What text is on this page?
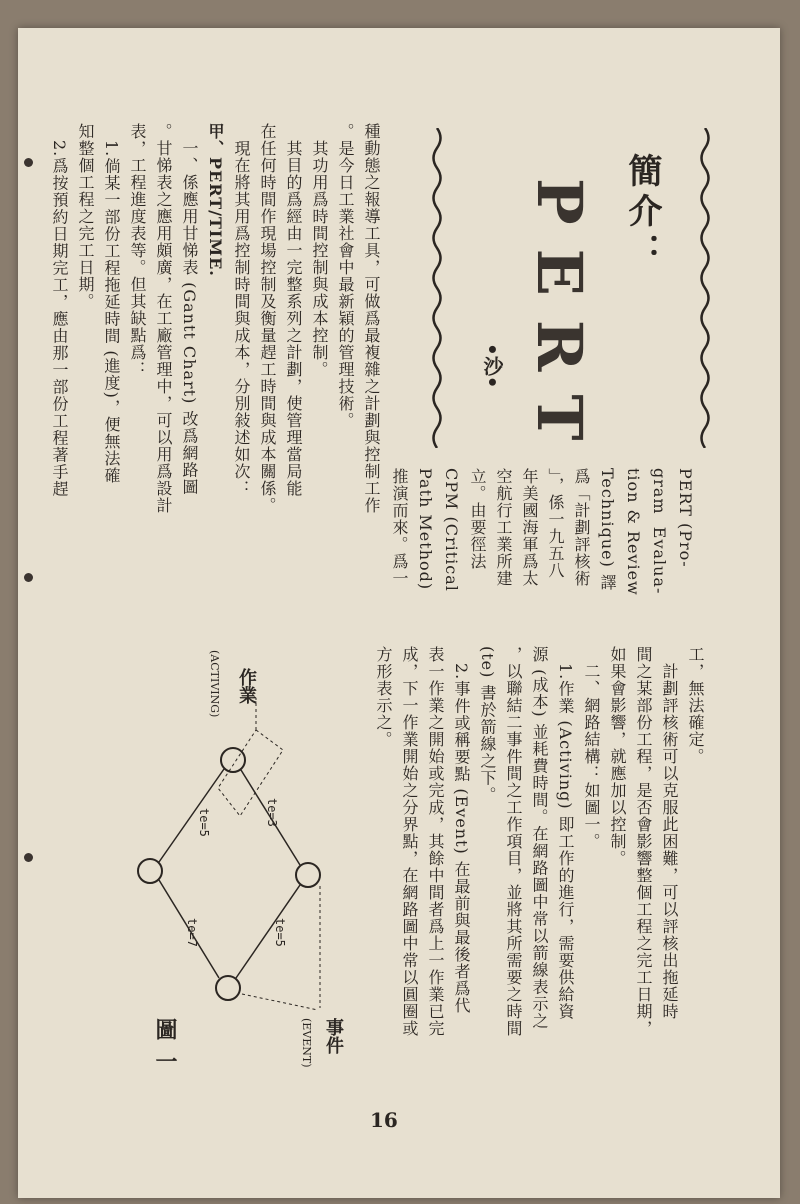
簡介：
PERT
•沙•
PERT (Pro-
gram  Evalua-
tion & Review
Technique) 譯
爲「計劃評核術
」，係一九五八
年美國海軍爲太
空航行工業所建
立。由要徑法
CPM (Critical
Path Method)
推演而來。爲一
種動態之報導工具，可做爲最複雜之計劃與控制工作
。是今日工業社會中最新穎的管理技術。
　其功用爲時間控制與成本控制。
　其目的爲經由一完整系列之計劃，使管理當局能
在任何時間作現場控制及衡量趕工時間與成本關係。
　現在將其用爲控制時間與成本，分別敍述如次：
甲、PERT/TIME.
　一、係應用甘悌表 (Gantt Chart) 改爲網路圖
。甘悌表之應用頗廣，在工廠管理中，可以用爲設計
表，工程進度表等。但其缺點爲：
　1.倘某一部份工程拖延時間 (進度)，便無法確
知整個工程之完工日期。
　2.爲按預約日期完工，應由那一部份工程著手趕
工，無法確定。
　計劃評核術可以克服此困難，可以評核出拖延時
間之某部份工程，是否會影響整個工程之完工日期，
如果會影響，就應加以控制。
　二、網路結構：如圖一。
　1.作業 (Activing) 即工作的進行，需要供給資
源 (成本) 並耗費時間。在網路圖中常以箭線表示之
，以聯結二事件間之工作項目，並將其所需要之時間
(te) 書於箭線之下。
　2.事件或稱要點 (Event) 在最前與最後者爲代
表一作業之開始或完成，其餘中間者爲上一作業已完
成，下一作業開始之分界點，在網路圖中常以圓圈或
方形表示之。
te=5	te=3
te=7	te=5
作業
(ACTIVING)
事件
(EVENT)
圖一
16
